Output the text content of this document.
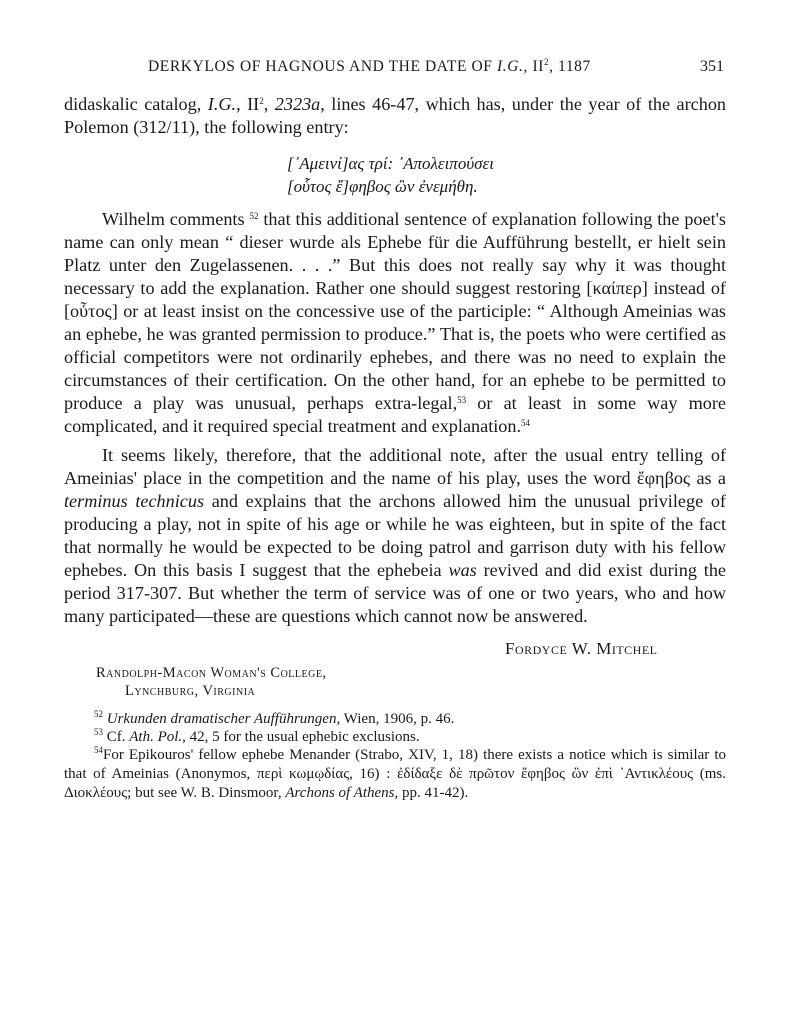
DERKYLOS OF HAGNOUS AND THE DATE OF I.G., $II^2$, 1187	351
didaskalic catalog, I.G., $II^2$, 2323a, lines 46-47, which has, under the year of the archon Polemon (312/11), the following entry:
[᾽Αμεινί]ας τρί: ᾽Απολειπούσει
[οὗτος ἔ]φηβος ὢν ἐνεμήθη.
Wilhelm comments $^{52}$ that this additional sentence of explanation following the poet's name can only mean “ dieser wurde als Ephebe für die Aufführung bestellt, er hielt sein Platz unter den Zugelassenen. . . .” But this does not really say why it was thought necessary to add the explanation. Rather one should suggest restoring [καίπερ] instead of [οὗτος] or at least insist on the concessive use of the participle: “ Although Ameinias was an ephebe, he was granted permission to produce.” That is, the poets who were certified as official competitors were not ordinarily ephebes, and there was no need to explain the circumstances of their certification. On the other hand, for an ephebe to be permitted to produce a play was unusual, perhaps extra-legal,$^{53}$ or at least in some way more complicated, and it required special treatment and explanation.$^{54}$
It seems likely, therefore, that the additional note, after the usual entry telling of Ameinias' place in the competition and the name of his play, uses the word ἔφηβος as a terminus technicus and explains that the archons allowed him the unusual privilege of producing a play, not in spite of his age or while he was eighteen, but in spite of the fact that normally he would be expected to be doing patrol and garrison duty with his fellow ephebes. On this basis I suggest that the ephebeia was revived and did exist during the period 317-307. But whether the term of service was of one or two years, who and how many participated—these are questions which cannot now be answered.
Fordyce W. Mitchel
Randolph-Macon Woman's College,
Lynchburg, Virginia
$^{52}$ Urkunden dramatischer Aufführungen, Wien, 1906, p. 46.
$^{53}$ Cf. Ath. Pol., 42, 5 for the usual ephebic exclusions.
$^{54}$For Epikouros' fellow ephebe Menander (Strabo, XIV, 1, 18) there exists a notice which is similar to that of Ameinias (Anonymos, περὶ κωμῳδίας, 16) : ἐδίδαξε δὲ πρῶτον ἔφηβος ὢν ἐπὶ ᾽Αντικλέους (ms. Διοκλέους; but see W. B. Dinsmoor, Archons of Athens, pp. 41-42).
